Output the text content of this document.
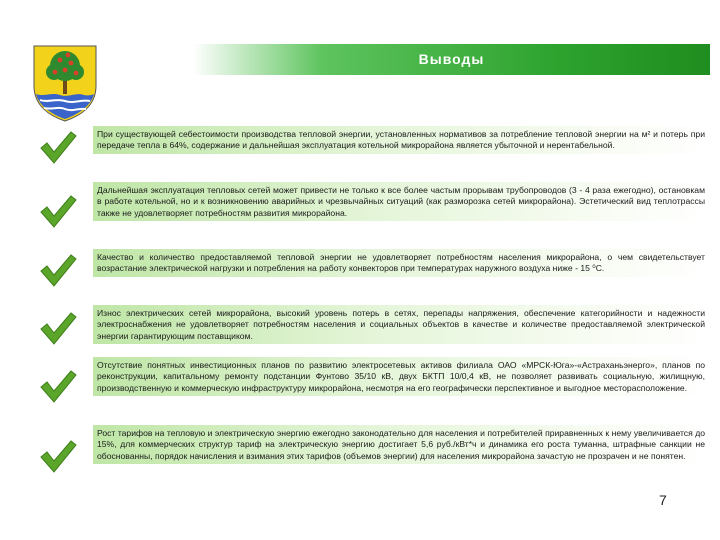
Выводы
При существующей себестоимости производства тепловой энергии, установленных нормативов за потребление тепловой энергии на м² и потерь при передаче тепла в 64%, содержание и дальнейшая эксплуатация котельной микрорайона является убыточной и нерентабельной.
Дальнейшая эксплуатация тепловых сетей может привести не только к все более частым прорывам трубопроводов (3 - 4 раза ежегодно), остановкам в работе котельной, но и к возникновению аварийных и чрезвычайных ситуаций (как разморозка сетей микрорайона). Эстетический вид теплотрассы также не удовлетворяет потребностям развития микрорайона.
Качество и количество предоставляемой тепловой энергии не удовлетворяет потребностям населения микрорайона, о чем свидетельствует возрастание электрической нагрузки и потребления на работу конвекторов при температурах наружного воздуха ниже - 15 ⁰С.
Износ электрических сетей микрорайона, высокий уровень потерь в сетях, перепады напряжения, обеспечение категорийности и надежности электроснабжения не удовлетворяет потребностям населения и социальных объектов в качестве и количестве предоставляемой электрической энергии гарантирующим поставщиком.
Отсутствие понятных инвестиционных планов по развитию электросетевых активов филиала ОАО «МРСК-Юга»-«Астраханьэнерго», планов по реконструкции, капитальному ремонту подстанции Фунтово 35/10 кВ, двух БКТП 10/0,4 кВ, не позволяет развивать социальную, жилищную, производственную и коммерческую инфраструктуру микрорайона, несмотря на его географически перспективное и выгодное месторасположение.
Рост тарифов на тепловую и электрическую энергию ежегодно законодательно для населения и потребителей приравненных к нему увеличивается до 15%, для коммерческих структур тариф на электрическую энергию достигает 5,6 руб./кВт*ч и динамика его роста туманна, штрафные санкции не обоснованны, порядок начисления и взимания этих тарифов (объемов энергии) для населения микрорайона зачастую не прозрачен и не понятен.
7
